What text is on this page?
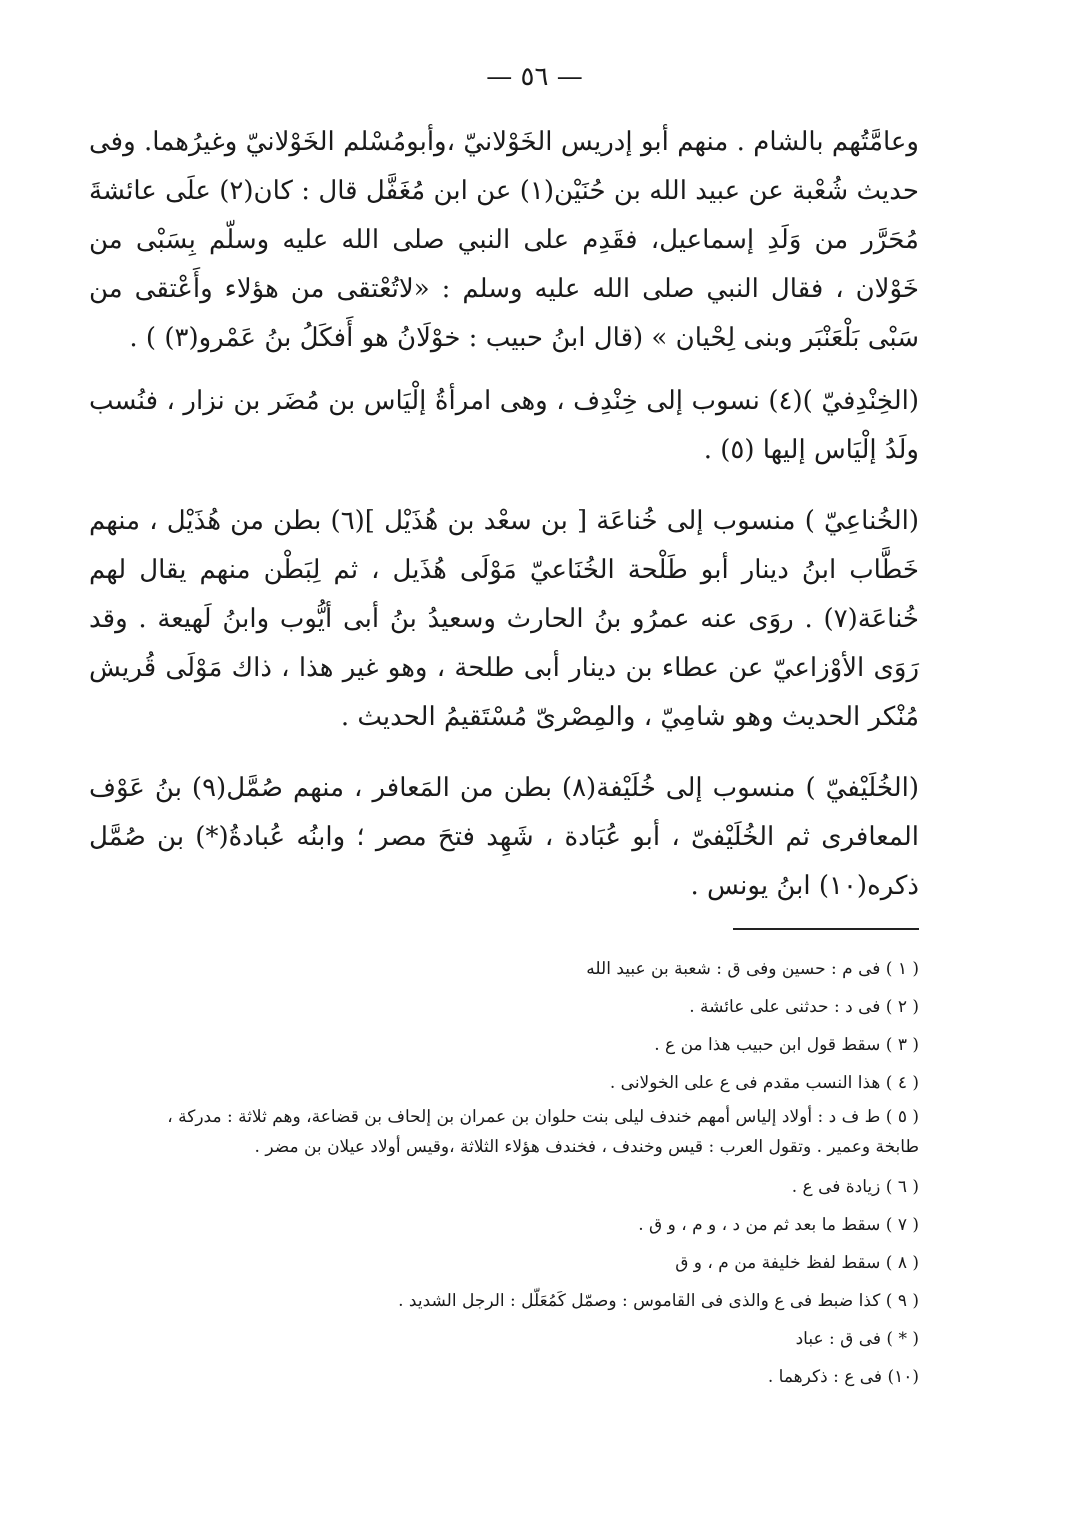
— ٥٦ —

وعامَّتُهم بالشام . منهم أبو إدريس الخَوْلانيّ ،وأبومُسْلم الخَوْلانيّ وغيرُهما. وفى حديث شُعْبة عن عبيد الله بن حُنَيْن(١) عن ابن مُغَفَّل قال : كان(٢) علَى عائشةَ مُحَرَّر من وَلَدِ إسماعيل، فقَدِم على النبي صلى الله عليه وسلّم بِسَبْى من خَوْلان ، فقال النبي صلى الله عليه وسلم : «لاتُعْتقى من هؤلاء وأَعْتقى من سَبْى بَلْعَنْبَر وبنى لِحْيان » (قال ابنُ حبيب : خوْلَانُ هو أَفكَلُ بنُ عَمْرو(٣) ) .

(الخِنْدِفيّ )(٤) نسوب إلى خِنْدِف ، وهى امرأةُ إلْيَاس بن مُضَر بن نزار ، فنُسب ولَدُ إلْيَاس إليها (٥) .

(الخُناعِيّ ) منسوب إلى خُناعَة [ بن سعْد بن هُذَيْل ](٦) بطن من هُذَيْل ، منهم خَطَّاب ابنُ دينار أبو طَلْحة الخُنَاعيّ مَوْلَى هُذَيل ، ثم لِبَطْن منهم يقال لهم خُناعَة(٧) . روَى عنه عمرُو بنُ الحارث وسعيدُ بنُ أبى أيُّوب وابنُ لَهيعة . وقد رَوَى الأوْزاعيّ عن عطاء بن دينار أبى طلحة ، وهو غير هذا ، ذاك مَوْلَى قُريش مُنْكر الحديث وهو شامِيّ ، والمِصْرىّ مُسْتَقيمُ الحديث .

(الخُلَيْفيّ ) منسوب إلى خُلَيْفة(٨) بطن من المَعافر ، منهم صُمَّل(٩) بنُ عَوْف المعافرى ثم الخُلَيْفىّ ، أبو عُبَادة ، شَهِد فتحَ مصر ؛ وابنُه عُبادةُ(*) بن صُمَّل ذكره(١٠) ابنُ يونس .

( ١ ) فى م : حسين وفى ق : شعبة بن عبيد الله

( ٢ ) فى د : حدثنى على عائشة .

( ٣ ) سقط قول ابن حبيب هذا من ع .

( ٤ ) هذا النسب مقدم فى ع على الخولانى .

( ٥ ) ط ف د : أولاد إلياس أمهم خندف ليلى بنت حلوان بن عمران بن إلحاف بن قضاعة، وهم ثلاثة : مدركة ، طابخة وعمير . وتقول العرب : قيس وخندف ، فخندف هؤلاء الثلاثة ،وقيس أولاد عيلان بن مضر .

( ٦ ) زيادة فى ع .

( ٧ ) سقط ما بعد ثم من د ، و م ، و ق .

( ٨ ) سقط لفظ خليفة من م ، و ق

( ٩ ) كذا ضبط فى ع والذى فى القاموس : وصمّل كَمُعَلّل : الرجل الشديد .

( * ) فى ق : عباد

(١٠) فى ع : ذكرهما .
